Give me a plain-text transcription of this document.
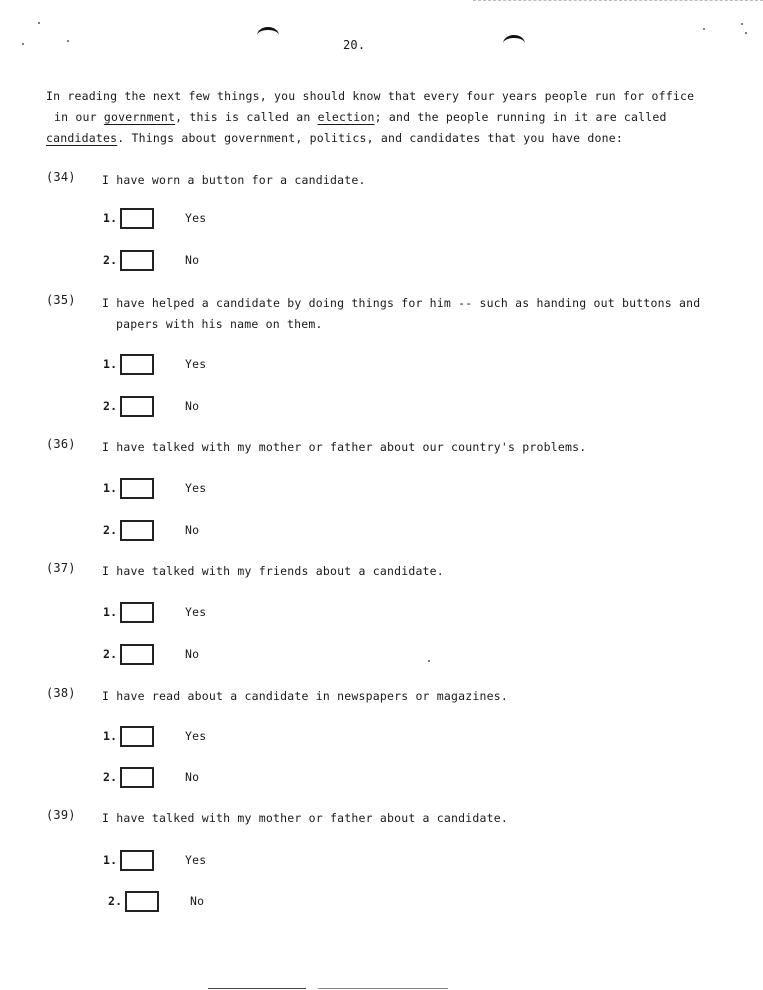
20.
In reading the next few things, you should know that every four years people run for office
in our government, this is called an election; and the people running in it are called
candidates. Things about government, politics, and candidates that you have done:
(34) I have worn a button for a candidate.
1.	Yes
2.	No
(35) I have helped a candidate by doing things for him -- such as handing out buttons and
papers with his name on them.
1.	Yes
2.	No
(36) I have talked with my mother or father about our country's problems.
1.	Yes
2.	No
(37) I have talked with my friends about a candidate.
1.	Yes
2.	No
(38) I have read about a candidate in newspapers or magazines.
1.	Yes
2.	No
(39) I have talked with my mother or father about a candidate.
1.	Yes
2.	No
